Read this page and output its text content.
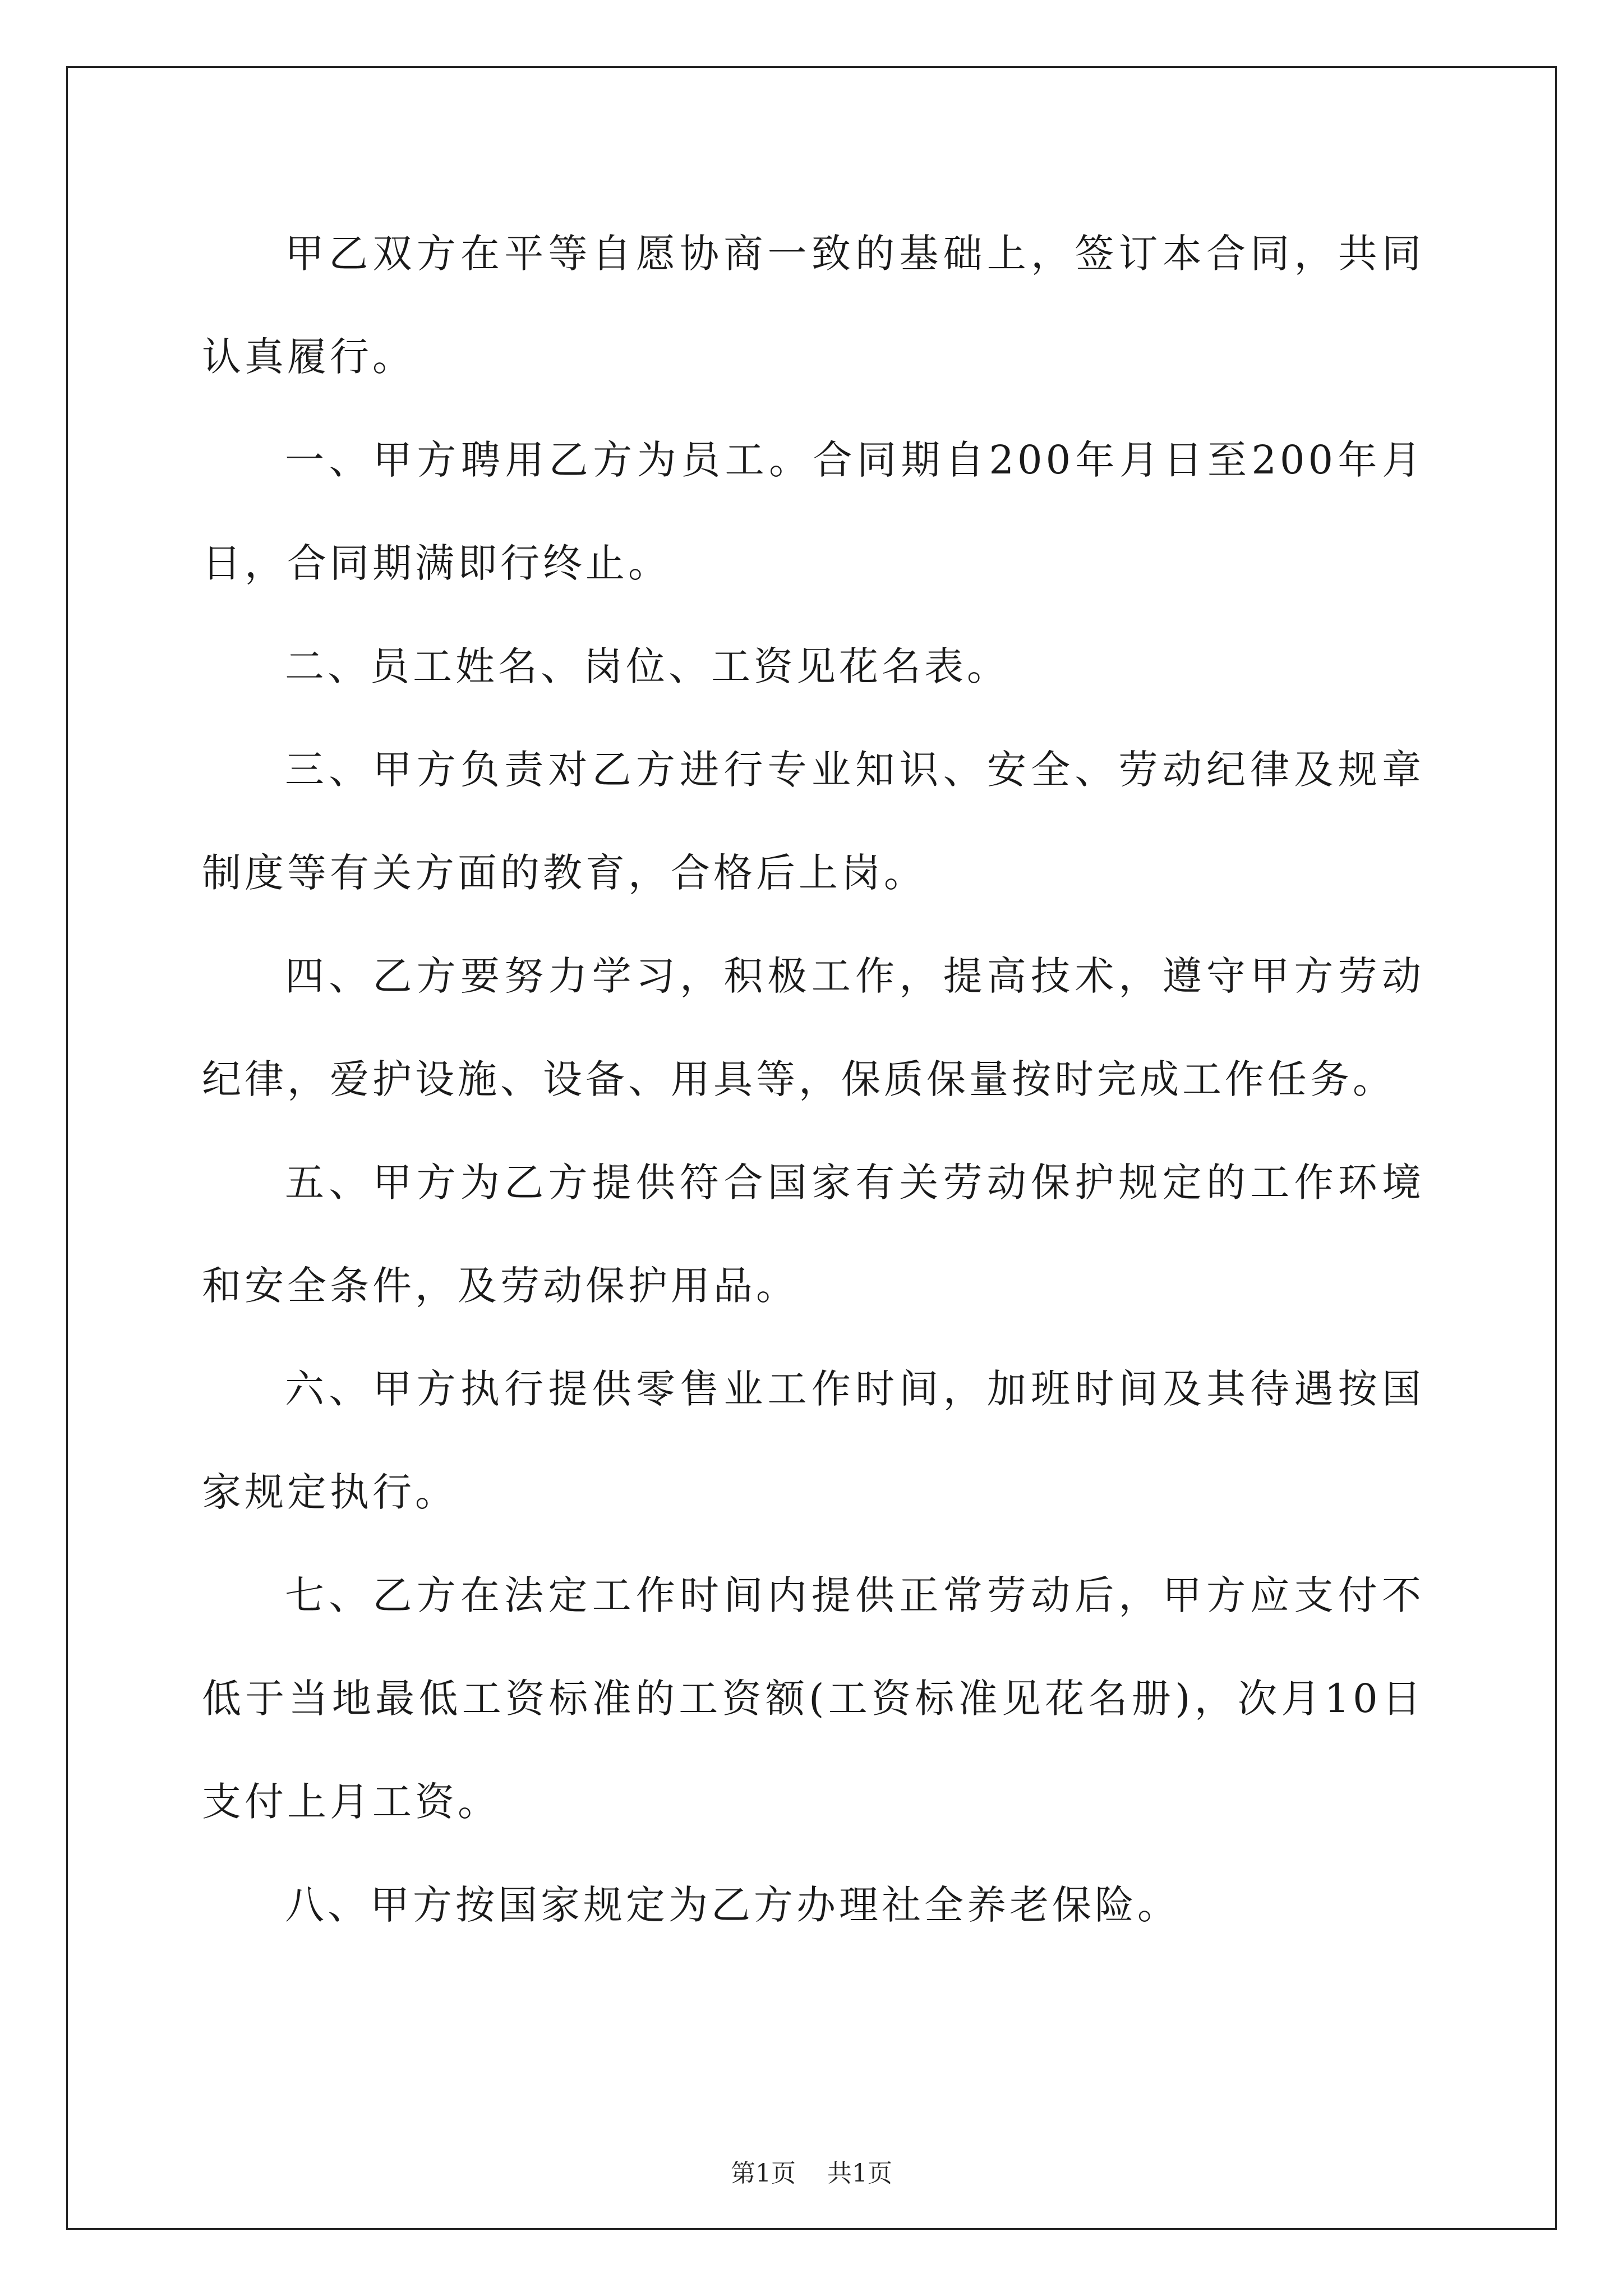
甲乙双方在平等自愿协商一致的基础上，签订本合同，共同认真履行。

一、甲方聘用乙方为员工。合同期自200年月日至200年月日，合同期满即行终止。

二、员工姓名、岗位、工资见花名表。

三、甲方负责对乙方进行专业知识、安全、劳动纪律及规章制度等有关方面的教育，合格后上岗。

四、乙方要努力学习，积极工作，提高技术，遵守甲方劳动纪律，爱护设施、设备、用具等，保质保量按时完成工作任务。

五、甲方为乙方提供符合国家有关劳动保护规定的工作环境和安全条件，及劳动保护用品。

六、甲方执行提供零售业工作时间，加班时间及其待遇按国家规定执行。

七、乙方在法定工作时间内提供正常劳动后，甲方应支付不低于当地最低工资标准的工资额(工资标准见花名册)，次月10日支付上月工资。

八、甲方按国家规定为乙方办理社全养老保险。

第1页 共1页
